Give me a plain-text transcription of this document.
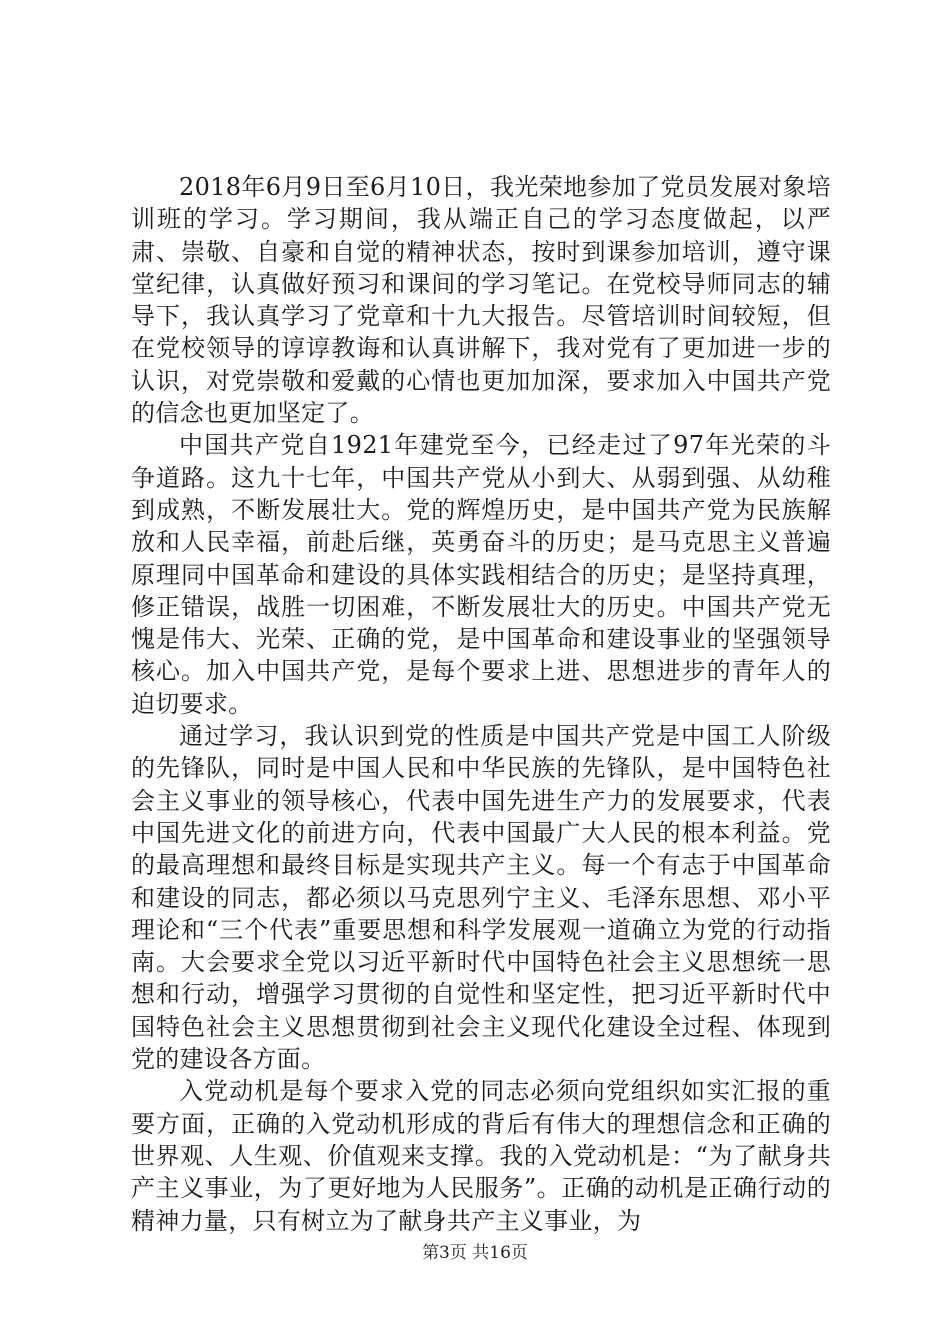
2018年6月9日至6月10日，我光荣地参加了党员发展对象培训班的学习。学习期间，我从端正自己的学习态度做起，以严肃、崇敬、自豪和自觉的精神状态，按时到课参加培训，遵守课堂纪律，认真做好预习和课间的学习笔记。在党校导师同志的辅导下，我认真学习了党章和十九大报告。尽管培训时间较短，但在党校领导的谆谆教诲和认真讲解下，我对党有了更加进一步的认识，对党崇敬和爱戴的心情也更加加深，要求加入中国共产党的信念也更加坚定了。

中国共产党自1921年建党至今，已经走过了97年光荣的斗争道路。这九十七年，中国共产党从小到大、从弱到强、从幼稚到成熟，不断发展壮大。党的辉煌历史，是中国共产党为民族解放和人民幸福，前赴后继，英勇奋斗的历史；是马克思主义普遍原理同中国革命和建设的具体实践相结合的历史；是坚持真理，修正错误，战胜一切困难，不断发展壮大的历史。中国共产党无愧是伟大、光荣、正确的党，是中国革命和建设事业的坚强领导核心。加入中国共产党，是每个要求上进、思想进步的青年人的迫切要求。

通过学习，我认识到党的性质是中国共产党是中国工人阶级的先锋队，同时是中国人民和中华民族的先锋队，是中国特色社会主义事业的领导核心，代表中国先进生产力的发展要求，代表中国先进文化的前进方向，代表中国最广大人民的根本利益。党的最高理想和最终目标是实现共产主义。每一个有志于中国革命和建设的同志，都必须以马克思列宁主义、毛泽东思想、邓小平理论和“三个代表”重要思想和科学发展观一道确立为党的行动指南。大会要求全党以习近平新时代中国特色社会主义思想统一思想和行动，增强学习贯彻的自觉性和坚定性，把习近平新时代中国特色社会主义思想贯彻到社会主义现代化建设全过程、体现到党的建设各方面。

入党动机是每个要求入党的同志必须向党组织如实汇报的重要方面，正确的入党动机形成的背后有伟大的理想信念和正确的世界观、人生观、价值观来支撑。我的入党动机是：“为了献身共产主义事业，为了更好地为人民服务”。正确的动机是正确行动的精神力量，只有树立为了献身共产主义事业，为

第3页 共16页
